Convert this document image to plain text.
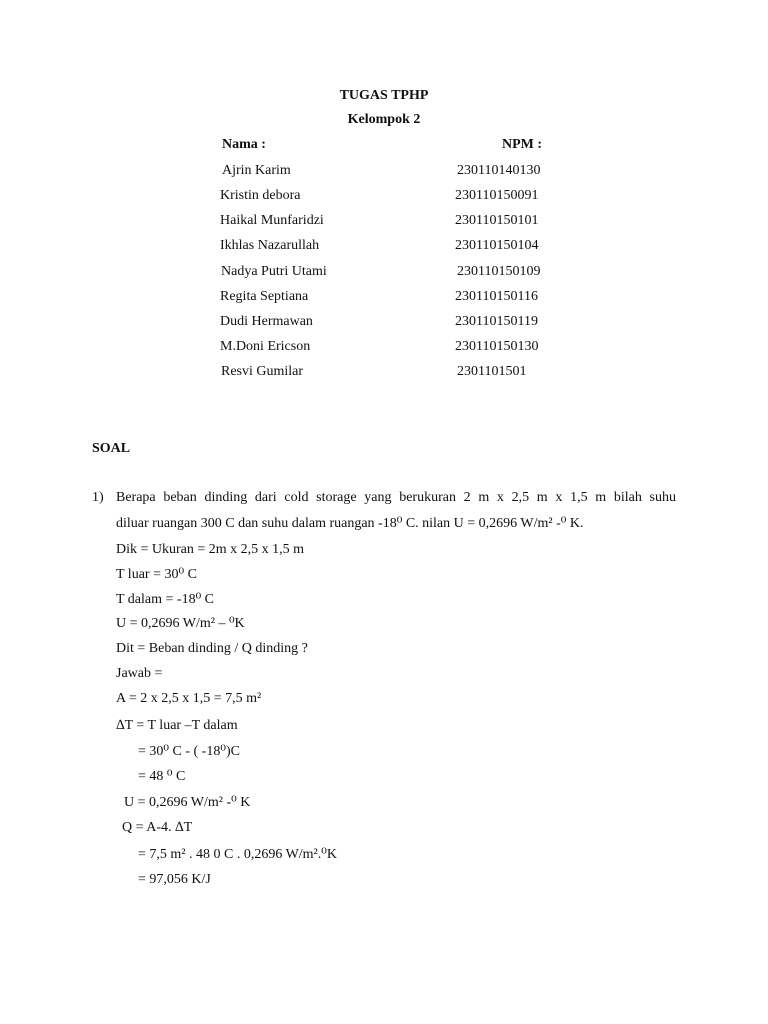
TUGAS TPHP
Kelompok 2
Nama :	NPM :
Ajrin Karim	230110140130
Kristin debora	230110150091
Haikal Munfaridzi	230110150101
Ikhlas Nazarullah	230110150104
Nadya Putri Utami	230110150109
Regita Septiana	230110150116
Dudi Hermawan	230110150119
M.Doni Ericson	230110150130
Resvi Gumilar	2301101501
SOAL
1) Berapa beban dinding dari cold storage yang berukuran 2 m x 2,5 m x 1,5 m bilah suhu
diluar ruangan 300 C dan suhu dalam ruangan -18⁰ C. nilan U = 0,2696 W/m² -⁰ K.
Dik = Ukuran = 2m x 2,5 x 1,5 m
T luar = 30⁰ C
T dalam = -18⁰ C
U = 0,2696 W/m² – ⁰K
Dit = Beban dinding / Q dinding ?
Jawab =
A = 2 x 2,5 x 1,5 = 7,5 m²
∆T = T luar –T dalam
= 30⁰ C - ( -18⁰)C
= 48 ⁰ C
U = 0,2696 W/m² -⁰ K
Q = A-4. ∆T
= 7,5 m² . 48 0 C . 0,2696 W/m².⁰K
= 97,056 K/J
